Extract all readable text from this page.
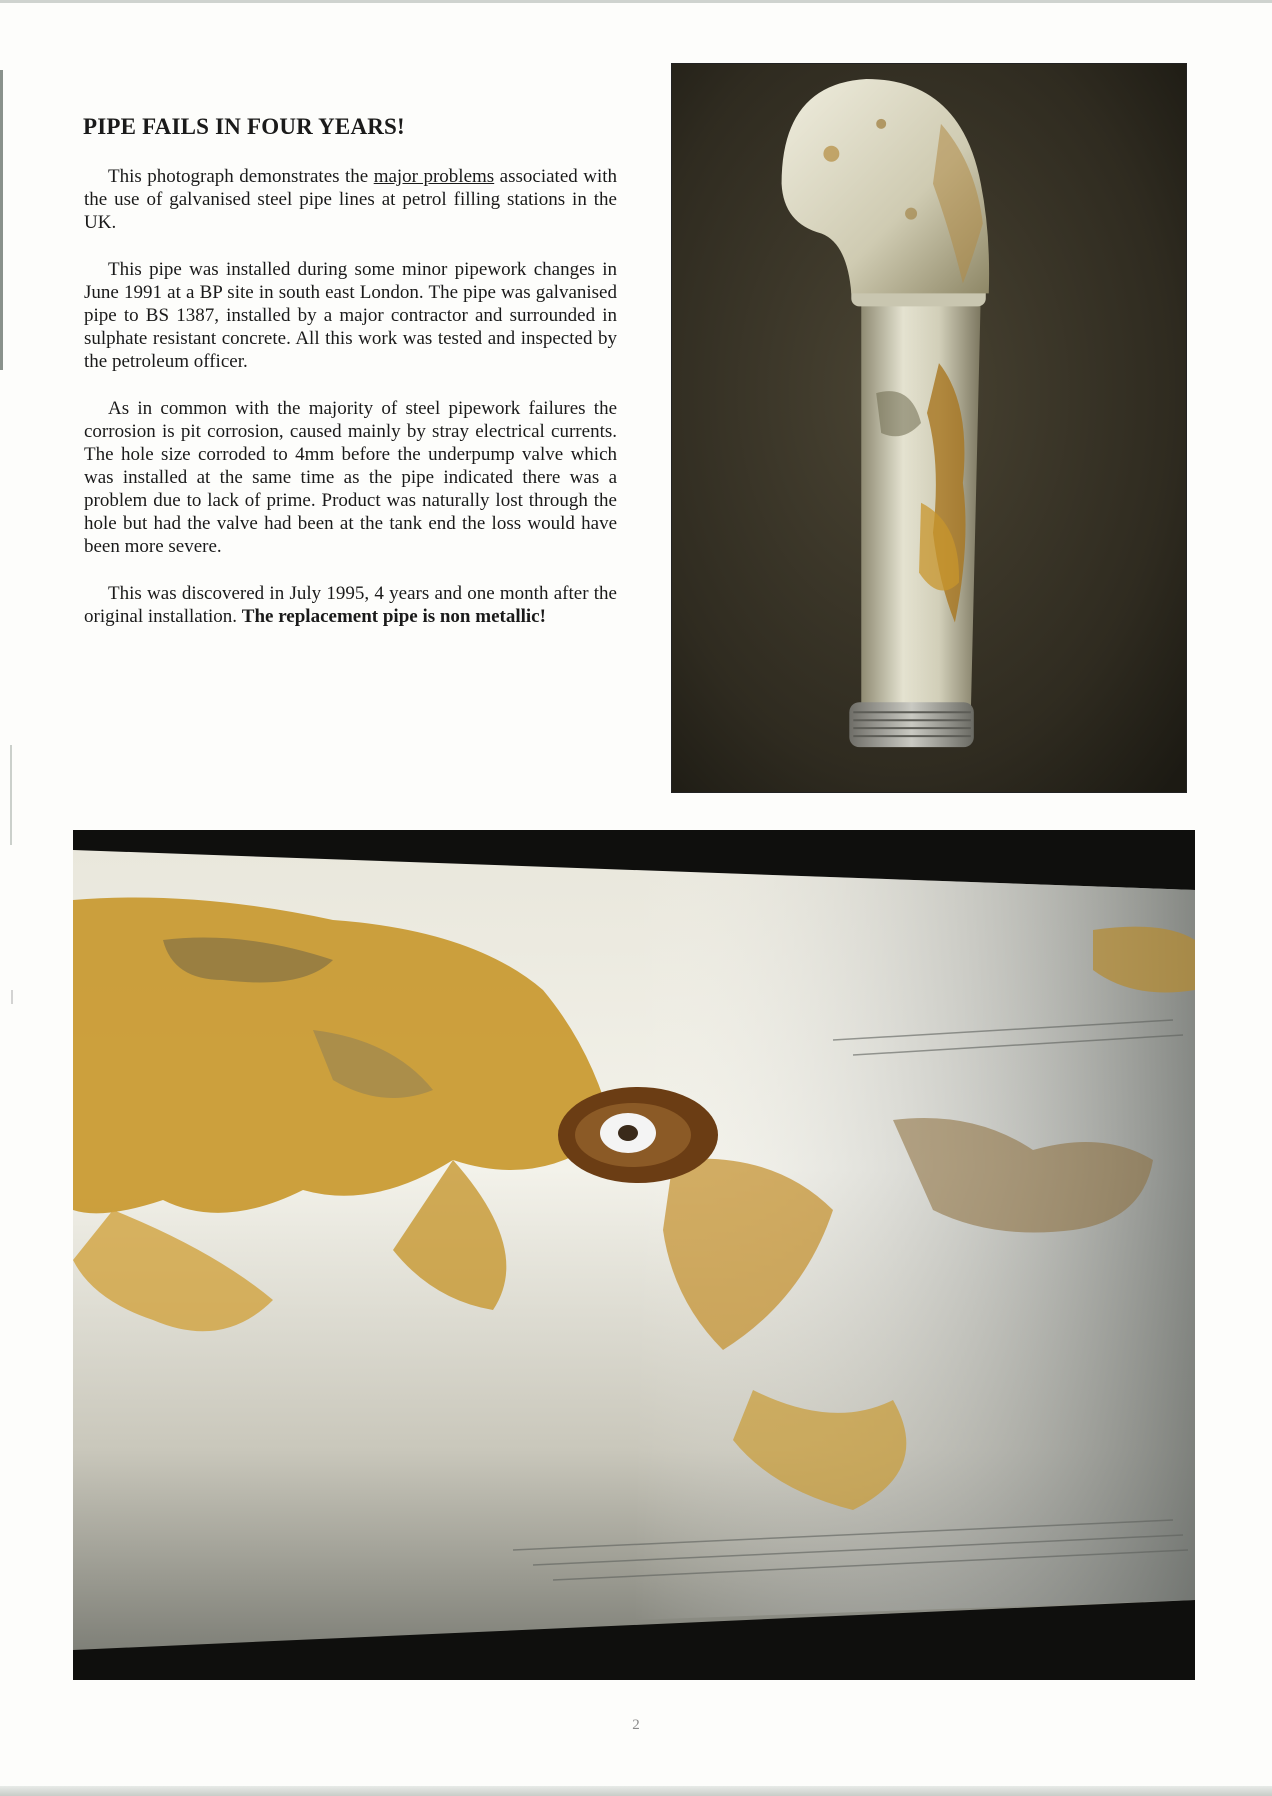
PIPE FAILS IN FOUR YEARS!

This photograph demonstrates the major problems associated with the use of galvanised steel pipe lines at petrol filling stations in the UK.

This pipe was installed during some minor pipework changes in June 1991 at a BP site in south east London. The pipe was galvanised pipe to BS 1387, installed by a major contractor and surrounded in sulphate resistant concrete. All this work was tested and inspected by the petroleum officer.

As in common with the majority of steel pipework failures the corrosion is pit corrosion, caused mainly by stray electrical currents. The hole size corroded to 4mm before the underpump valve which was installed at the same time as the pipe indicated there was a problem due to lack of prime. Product was naturally lost through the hole but had the valve had been at the tank end the loss would have been more severe.

This was discovered in July 1995, 4 years and one month after the original installation. The replacement pipe is non metallic!

2
